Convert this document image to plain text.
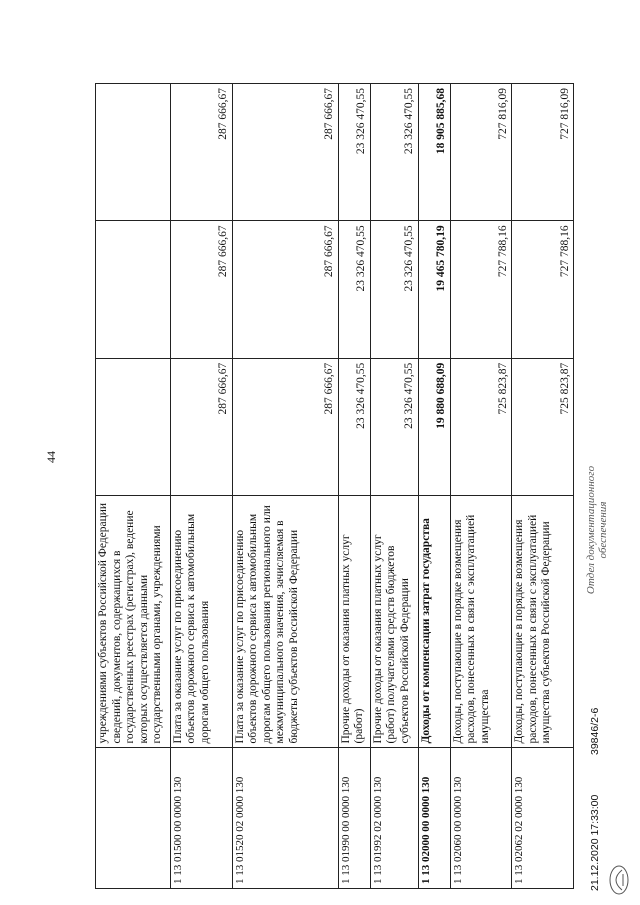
44
	учреждениями субъектов Российской Федерации сведений, документов, содержащихся в государственных реестрах (регистрах), ведение которых осуществляется данными государственными органами, учреждениями			
1 13 01500 00 0000 130	Плата за оказание услуг по присоединению объектов дорожного сервиса к автомобильным дорогам общего пользования	287 666,67	287 666,67	287 666,67
1 13 01520 02 0000 130	Плата за оказание услуг по присоединению объектов дорожного сервиса к автомобильным дорогам общего пользования регионального или межмуниципального значения, зачисляемая в бюджеты субъектов Российской Федерации	287 666,67	287 666,67	287 666,67
1 13 01990 00 0000 130	Прочие доходы от оказания платных услуг (работ)	23 326 470,55	23 326 470,55	23 326 470,55
1 13 01992 02 0000 130	Прочие доходы от оказания платных услуг (работ) получателями средств бюджетов субъектов Российской Федерации	23 326 470,55	23 326 470,55	23 326 470,55
1 13 02000 00 0000 130	Доходы от компенсации затрат государства	19 880 688,09	19 465 780,19	18 905 885,68
1 13 02060 00 0000 130	Доходы, поступающие в порядке возмещения расходов, понесенных в связи с эксплуатацией имущества	725 823,87	727 788,16	727 816,09
1 13 02062 02 0000 130	Доходы, поступающие в порядке возмещения расходов, понесенных в связи с эксплуатацией имущества субъектов Российской Федерации	725 823,87	727 788,16	727 816,09
21.12.2020 17:33:00
39846/2-6
Отдел документационного обеспечения
